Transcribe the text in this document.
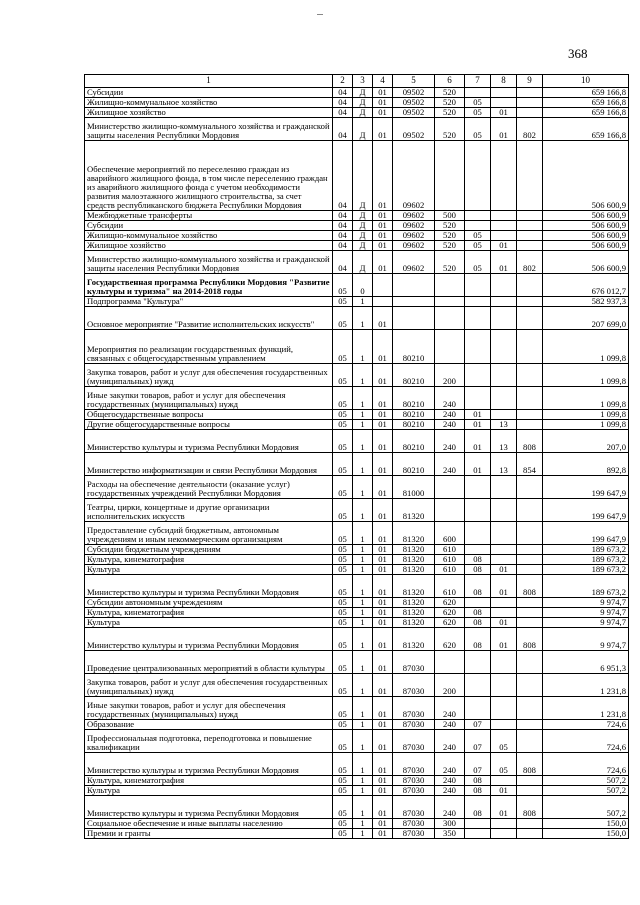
368
1	2	3	4	5	6	7	8	9	10
Субсидии	04	Д	01	09502	520				659 166,8
Жилищно-коммунальное хозяйство	04	Д	01	09502	520	05			659 166,8
Жилищное хозяйство	04	Д	01	09502	520	05	01		659 166,8
Министерство жилищно-коммунального хозяйства и гражданской защиты населения Республики Мордовия	04	Д	01	09502	520	05	01	802	659 166,8
Обеспечение мероприятий по переселению граждан из аварийного жилищного фонда, в том числе переселению граждан из аварийного жилищного фонда с учетом необходимости развития малоэтажного жилищного строительства, за счет средств республиканского бюджета Республики Мордовия	04	Д	01	09602					506 600,9
Межбюджетные трансферты	04	Д	01	09602	500				506 600,9
Субсидии	04	Д	01	09602	520				506 600,9
Жилищно-коммунальное хозяйство	04	Д	01	09602	520	05			506 600,9
Жилищное хозяйство	04	Д	01	09602	520	05	01		506 600,9
Министерство жилищно-коммунального хозяйства и гражданской защиты населения Республики Мордовия	04	Д	01	09602	520	05	01	802	506 600,9
Государственная программа Республики Мордовия "Развитие культуры и туризма" на 2014-2018 годы	05	0							676 012,7
Подпрограмма "Культура"	05	1							582 937,3
Основное мероприятие "Развитие исполнительских искусств"	05	1	01						207 699,0
Мероприятия по реализации государственных функций, связанных с общегосударственным управлением	05	1	01	80210					1 099,8
Закупка товаров, работ и услуг для обеспечения государственных (муниципальных) нужд	05	1	01	80210	200				1 099,8
Иные закупки товаров, работ и услуг для обеспечения государственных (муниципальных) нужд	05	1	01	80210	240				1 099,8
Общегосударственные вопросы	05	1	01	80210	240	01			1 099,8
Другие общегосударственные вопросы	05	1	01	80210	240	01	13		1 099,8
Министерство культуры и туризма Республики Мордовия	05	1	01	80210	240	01	13	808	207,0
Министерство информатизации и связи Республики Мордовия	05	1	01	80210	240	01	13	854	892,8
Расходы на обеспечение деятельности (оказание услуг) государственных учреждений Республики Мордовия	05	1	01	81000					199 647,9
Театры, цирки, концертные и другие организации исполнительских искусств	05	1	01	81320					199 647,9
Предоставление субсидий бюджетным, автономным учреждениям и иным некоммерческим организациям	05	1	01	81320	600				199 647,9
Субсидии бюджетным учреждениям	05	1	01	81320	610				189 673,2
Культура, кинематография	05	1	01	81320	610	08			189 673,2
Культура	05	1	01	81320	610	08	01		189 673,2
Министерство культуры и туризма Республики Мордовия	05	1	01	81320	610	08	01	808	189 673,2
Субсидии автономным учреждениям	05	1	01	81320	620				9 974,7
Культура, кинематография	05	1	01	81320	620	08			9 974,7
Культура	05	1	01	81320	620	08	01		9 974,7
Министерство культуры и туризма Республики Мордовия	05	1	01	81320	620	08	01	808	9 974,7
Проведение централизованных мероприятий в области культуры	05	1	01	87030					6 951,3
Закупка товаров, работ и услуг для обеспечения государственных (муниципальных) нужд	05	1	01	87030	200				1 231,8
Иные закупки товаров, работ и услуг для обеспечения государственных (муниципальных) нужд	05	1	01	87030	240				1 231,8
Образование	05	1	01	87030	240	07			724,6
Профессиональная подготовка, переподготовка и повышение квалификации	05	1	01	87030	240	07	05		724,6
Министерство культуры и туризма Республики Мордовия	05	1	01	87030	240	07	05	808	724,6
Культура, кинематография	05	1	01	87030	240	08			507,2
Культура	05	1	01	87030	240	08	01		507,2
Министерство культуры и туризма Республики Мордовия	05	1	01	87030	240	08	01	808	507,2
Социальное обеспечение и иные выплаты населению	05	1	01	87030	300				150,0
Премии и гранты	05	1	01	87030	350				150,0
